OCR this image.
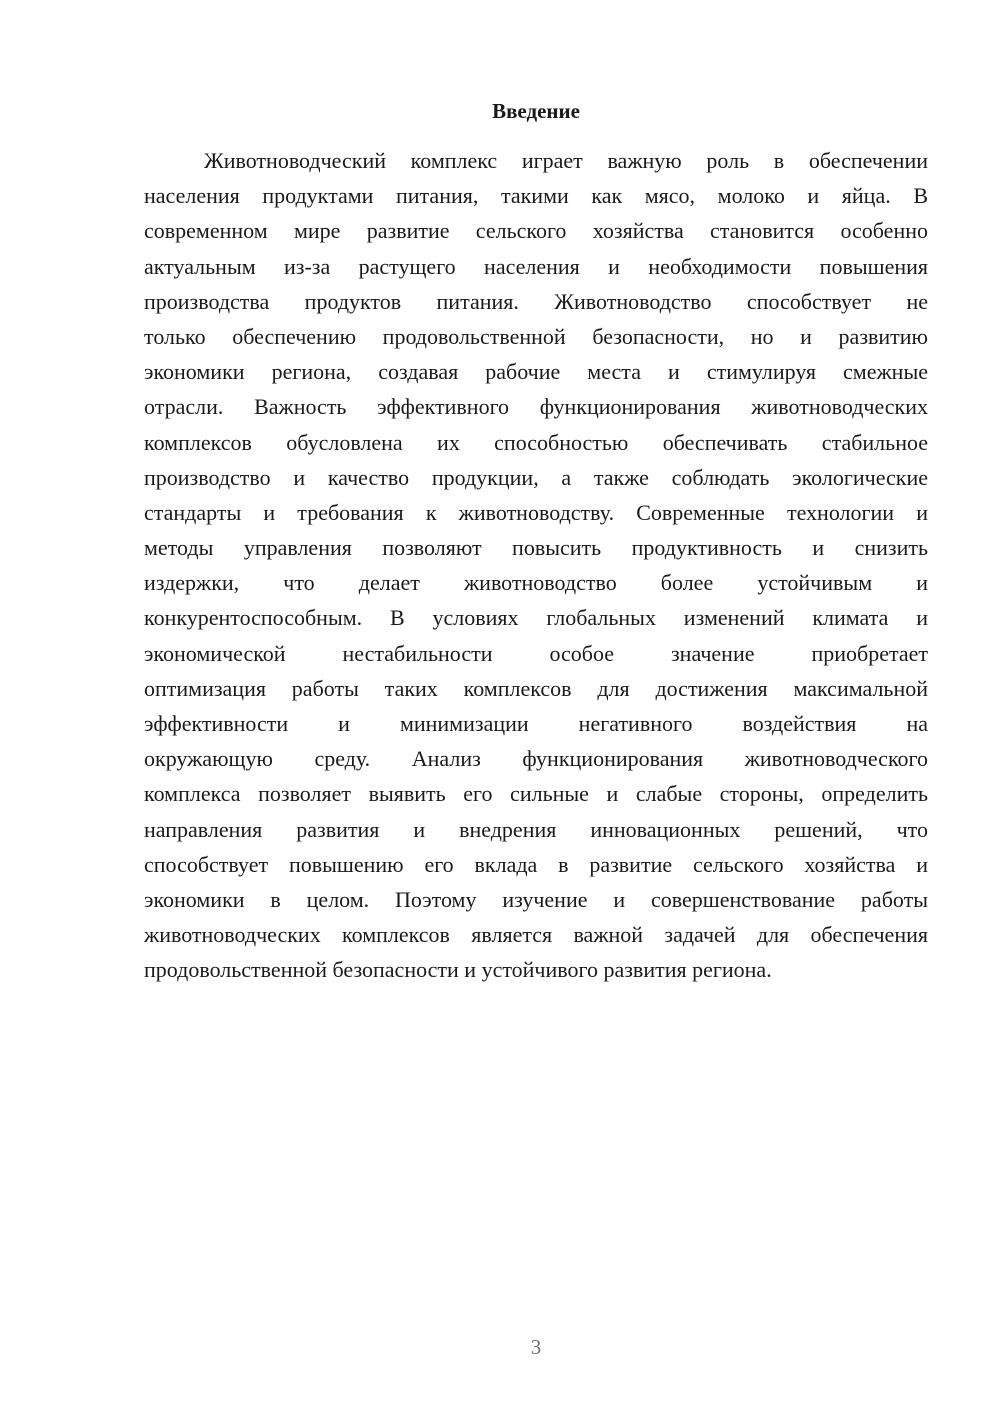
Введение
Животноводческий комплекс играет важную роль в обеспечении
населения продуктами питания, такими как мясо, молоко и яйца. В
современном мире развитие сельского хозяйства становится особенно
актуальным из-за растущего населения и необходимости повышения
производства продуктов питания. Животноводство способствует не
только обеспечению продовольственной безопасности, но и развитию
экономики региона, создавая рабочие места и стимулируя смежные
отрасли. Важность эффективного функционирования животноводческих
комплексов обусловлена их способностью обеспечивать стабильное
производство и качество продукции, а также соблюдать экологические
стандарты и требования к животноводству. Современные технологии и
методы управления позволяют повысить продуктивность и снизить
издержки, что делает животноводство более устойчивым и
конкурентоспособным. В условиях глобальных изменений климата и
экономической нестабильности особое значение приобретает
оптимизация работы таких комплексов для достижения максимальной
эффективности и минимизации негативного воздействия на
окружающую среду. Анализ функционирования животноводческого
комплекса позволяет выявить его сильные и слабые стороны, определить
направления развития и внедрения инновационных решений, что
способствует повышению его вклада в развитие сельского хозяйства и
экономики в целом. Поэтому изучение и совершенствование работы
животноводческих комплексов является важной задачей для обеспечения
продовольственной безопасности и устойчивого развития региона.
3
